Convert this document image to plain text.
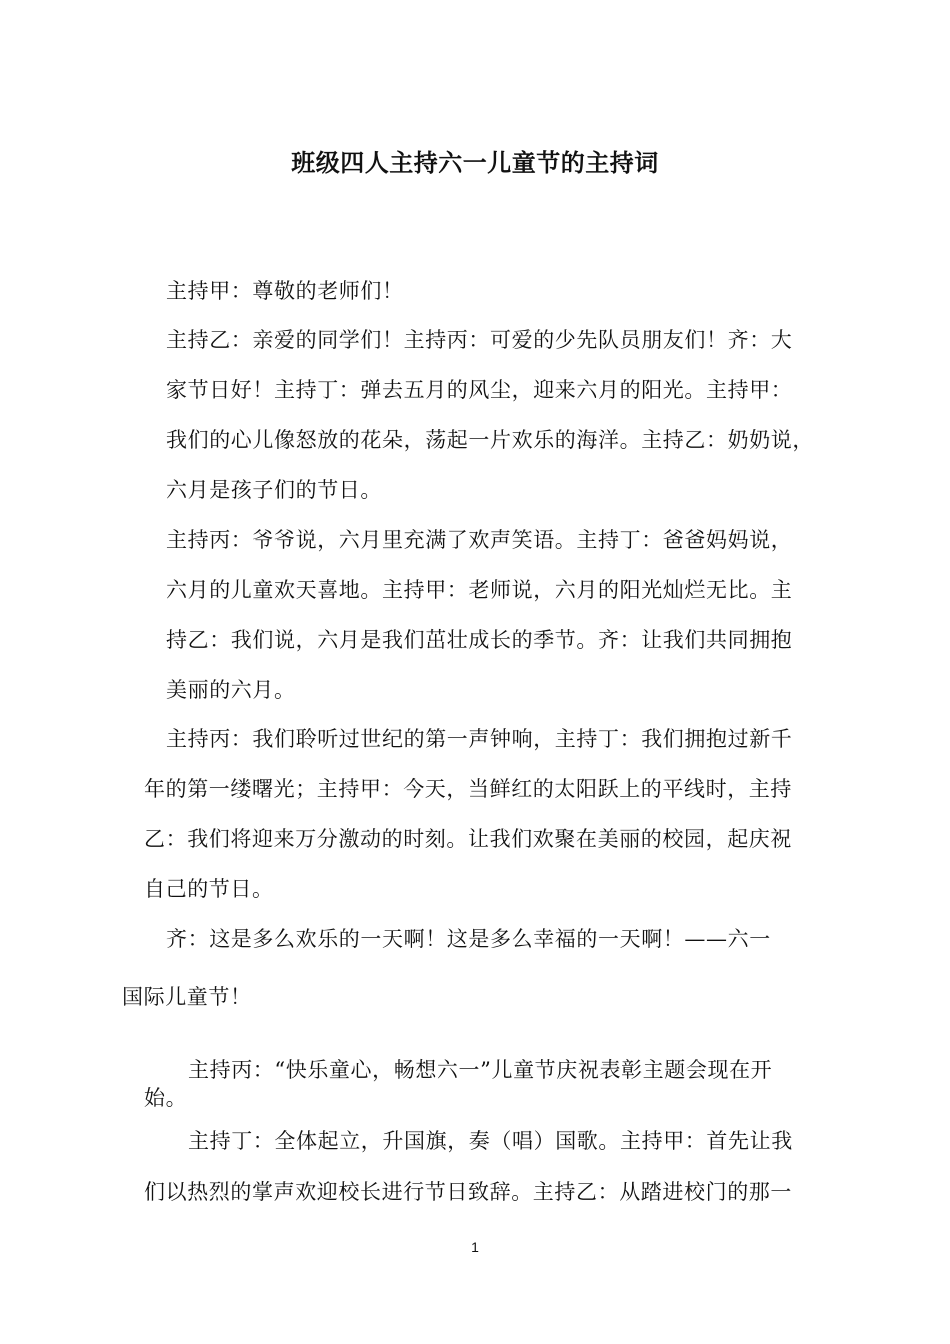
班级四人主持六一儿童节的主持词
主持甲：尊敬的老师们！
主持乙：亲爱的同学们！主持丙：可爱的少先队员朋友们！齐：大
家节日好！主持丁：弹去五月的风尘，迎来六月的阳光。主持甲：
我们的心儿像怒放的花朵，荡起一片欢乐的海洋。主持乙：奶奶说，
六月是孩子们的节日。
主持丙：爷爷说，六月里充满了欢声笑语。主持丁：爸爸妈妈说，
六月的儿童欢天喜地。主持甲：老师说，六月的阳光灿烂无比。主
持乙：我们说，六月是我们茁壮成长的季节。齐：让我们共同拥抱
美丽的六月。
主持丙：我们聆听过世纪的第一声钟响，主持丁：我们拥抱过新千
年的第一缕曙光；主持甲：今天，当鲜红的太阳跃上的平线时，主持
乙：我们将迎来万分激动的时刻。让我们欢聚在美丽的校园，起庆祝
自己的节日。
齐：这是多么欢乐的一天啊！这是多么幸福的一天啊！——六一
国际儿童节！
主持丙：“快乐童心，畅想六一”儿童节庆祝表彰主题会现在开
始。
主持丁：全体起立，升国旗，奏（唱）国歌。主持甲：首先让我
们以热烈的掌声欢迎校长进行节日致辞。主持乙：从踏进校门的那一
1
